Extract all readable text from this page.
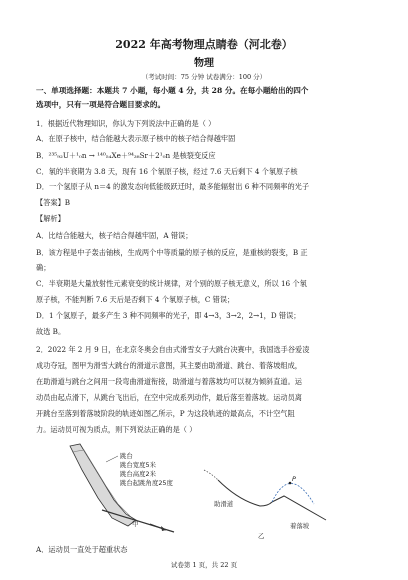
2022 年高考物理点睛卷（河北卷）
物理
（考试时间：75 分钟 试卷满分：100 分）
一、单项选择题：本题共 7 小题，每小题 4 分，共 28 分。在每小题给出的四个
选项中，只有一项是符合题目要求的。
1．根据近代物理知识，你认为下列说法中正确的是（ ）
A．在原子核中，结合能越大表示原子核中的核子结合得越牢固
B．²³⁵₉₂U＋¹₀n → ¹⁴⁰₅₄Xe＋⁹⁴₃₈Sr＋2¹₀n 是核裂变反应
C．氡的半衰期为 3.8 天，现有 16 个氡原子核，经过 7.6 天后剩下 4 个氡原子核
D．一个氢原子从 n＝4 的激发态向低能级跃迁时，最多能辐射出 6 种不同频率的光子
【答案】B
【解析】
A．比结合能越大，核子结合得越牢固，A 错误；
B．该方程是中子轰击铀核，生成两个中等质量的原子核的反应，是重核的裂变，B 正
确；
C．半衰期是大量放射性元素衰变的统计规律，对个别的原子核无意义，所以 16 个氡
原子核，不能判断 7.6 天后是否剩下 4 个氡原子核，C 错误；
D．1 个氢原子，最多产生 3 种不同频率的光子，即 4→3，3→2，2→1，D 错误；
故选 B。
2．2022 年 2 月 9 日，在北京冬奥会自由式滑雪女子大跳台决赛中，我国选手谷爱凌
成功夺冠，图甲为滑雪大跳台的滑道示意图，其主要由助滑道、跳台、着落坡组成，
在助滑道与跳台之间用一段弯曲滑道衔接，助滑道与着落坡均可以视为倾斜直道。运
动员由起点滑下，从跳台飞出后，在空中完成系列动作，最后落至着落坡。运动员离
开跳台至落到着落坡阶段的轨迹如图乙所示，P 为这段轨迹的最高点，不计空气阻
力。运动员可视为质点，则下列说法正确的是（ ）
跳台
跳台宽度5米
跳台高度2米
跳台起跳角度25度
甲
P
助滑道
着落坡
乙
A．运动员一直处于超重状态
试卷第 1 页，共 22 页
